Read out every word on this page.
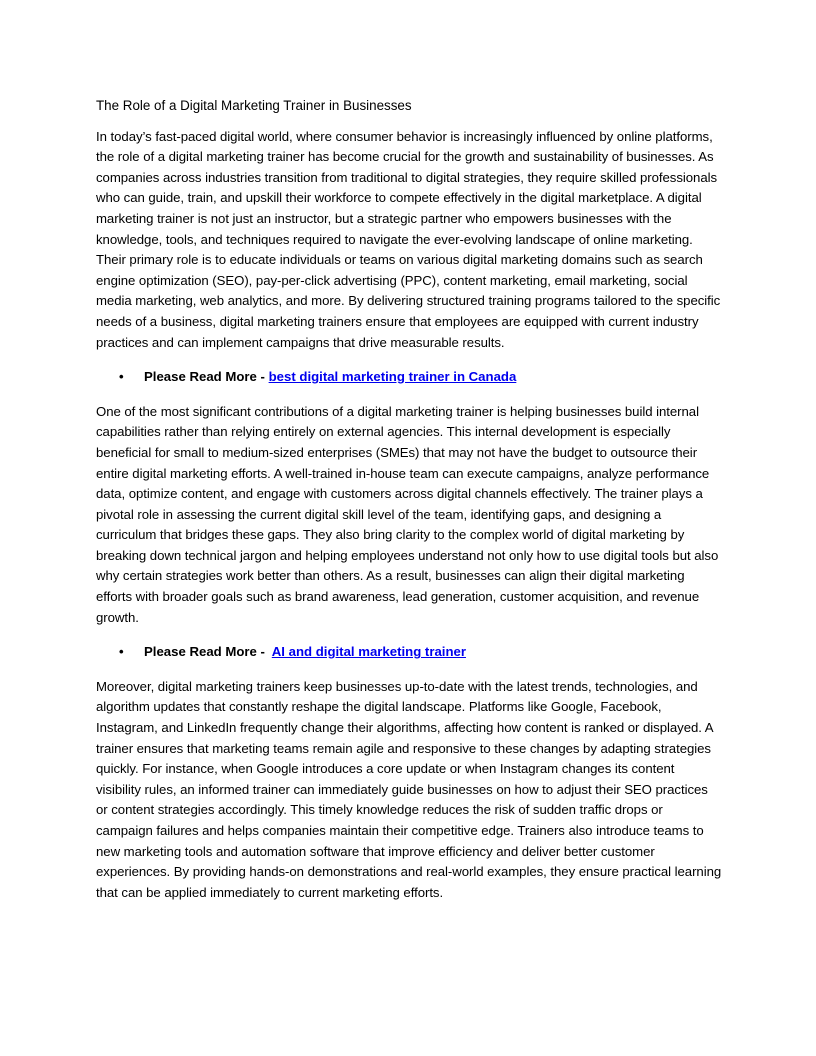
The Role of a Digital Marketing Trainer in Businesses

In today’s fast-paced digital world, where consumer behavior is increasingly influenced by online platforms, the role of a digital marketing trainer has become crucial for the growth and sustainability of businesses. As companies across industries transition from traditional to digital strategies, they require skilled professionals who can guide, train, and upskill their workforce to compete effectively in the digital marketplace. A digital marketing trainer is not just an instructor, but a strategic partner who empowers businesses with the knowledge, tools, and techniques required to navigate the ever-evolving landscape of online marketing. Their primary role is to educate individuals or teams on various digital marketing domains such as search engine optimization (SEO), pay-per-click advertising (PPC), content marketing, email marketing, social media marketing, web analytics, and more. By delivering structured training programs tailored to the specific needs of a business, digital marketing trainers ensure that employees are equipped with current industry practices and can implement campaigns that drive measurable results.

• Please Read More - best digital marketing trainer in Canada

One of the most significant contributions of a digital marketing trainer is helping businesses build internal capabilities rather than relying entirely on external agencies. This internal development is especially beneficial for small to medium-sized enterprises (SMEs) that may not have the budget to outsource their entire digital marketing efforts. A well-trained in-house team can execute campaigns, analyze performance data, optimize content, and engage with customers across digital channels effectively. The trainer plays a pivotal role in assessing the current digital skill level of the team, identifying gaps, and designing a curriculum that bridges these gaps. They also bring clarity to the complex world of digital marketing by breaking down technical jargon and helping employees understand not only how to use digital tools but also why certain strategies work better than others. As a result, businesses can align their digital marketing efforts with broader goals such as brand awareness, lead generation, customer acquisition, and revenue growth.

• Please Read More -  AI and digital marketing trainer

Moreover, digital marketing trainers keep businesses up-to-date with the latest trends, technologies, and algorithm updates that constantly reshape the digital landscape. Platforms like Google, Facebook, Instagram, and LinkedIn frequently change their algorithms, affecting how content is ranked or displayed. A trainer ensures that marketing teams remain agile and responsive to these changes by adapting strategies quickly. For instance, when Google introduces a core update or when Instagram changes its content visibility rules, an informed trainer can immediately guide businesses on how to adjust their SEO practices or content strategies accordingly. This timely knowledge reduces the risk of sudden traffic drops or campaign failures and helps companies maintain their competitive edge. Trainers also introduce teams to new marketing tools and automation software that improve efficiency and deliver better customer experiences. By providing hands-on demonstrations and real-world examples, they ensure practical learning that can be applied immediately to current marketing efforts.
